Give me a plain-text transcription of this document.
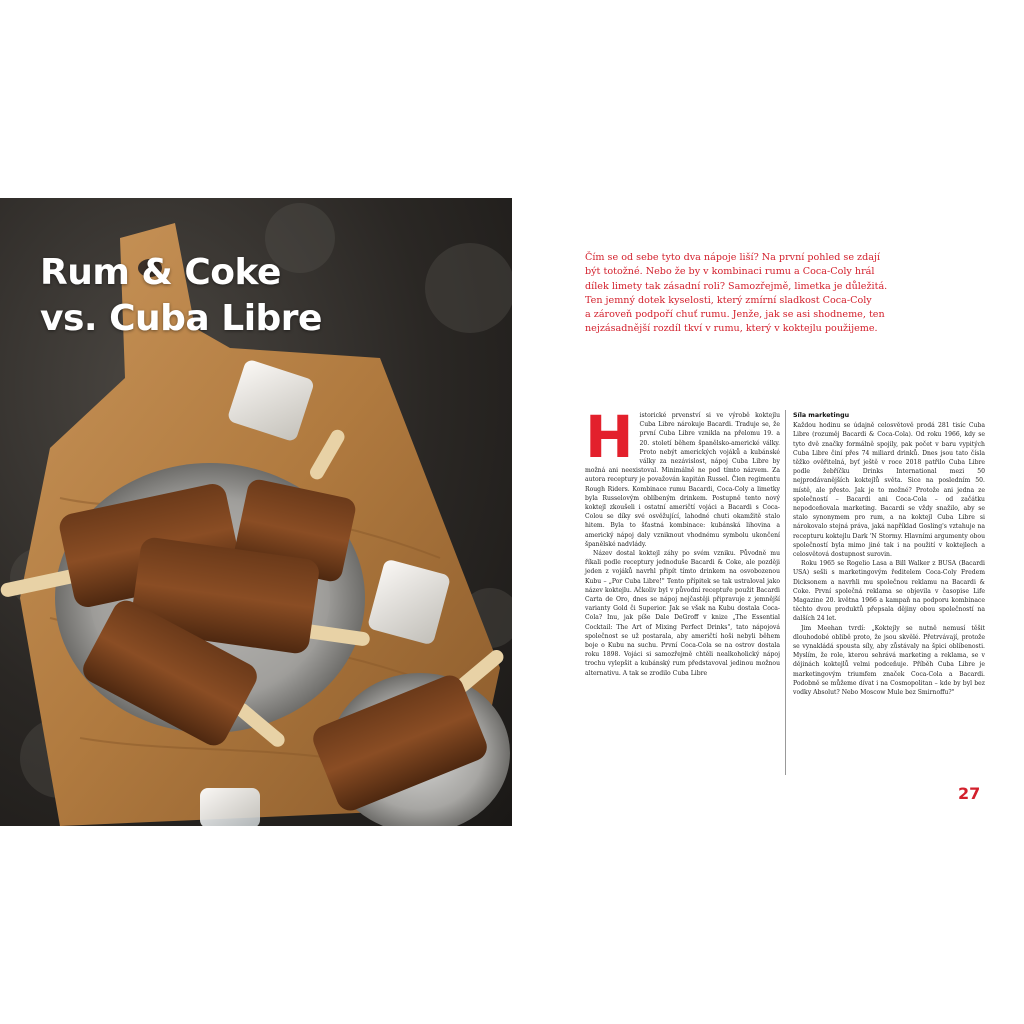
Rum & Coke
vs. Cuba Libre

Čím se od sebe tyto dva nápoje liší? Na první pohled se zdají
být totožné. Nebo že by v kombinaci rumu a Coca-Coly hrál
dílek limety tak zásadní roli? Samozřejmě, limetka je důležitá.
Ten jemný dotek kyselosti, který zmírní sladkost Coca-Coly
a zároveň podpoří chuť rumu. Jenže, jak se asi shodneme, ten
nejzásadnější rozdíl tkví v rumu, který v koktejlu použijeme.

H istorické prvenství si ve výrobě koktejlu Cuba Libre nárokuje Bacardi. Traduje se, že první Cuba Libre vznikla na přelomu 19. a 20. století během španělsko-americké války. Proto nebýt amerických vojáků a kubánské války za nezávislost, nápoj Cuba Libre by možná ani neexistoval. Minimálně ne pod tímto názvem. Za autora receptury je považován kapitán Russel. Člen regimentu Rough Riders. Kombinace rumu Bacardi, Coca-Coly a limetky byla Russelovým oblíbeným drinkem. Postupně tento nový koktejl zkoušeli i ostatní američtí vojáci a Bacardi s Coca-Colou se díky své osvěžující, lahodné chuti okamžitě stalo hitem. Byla to šťastná kombinace: kubánská lihovina a americký nápoj daly vzniknout vhodnému symbolu ukončení španělské nadvlády.

Název dostal koktejl záhy po svém vzniku. Původně mu říkali podle receptury jednoduše Bacardi & Coke, ale později jeden z vojáků navrhl připít tímto drinkem na osvobozenou Kubu – „Por Cuba Libre!" Tento přípitek se tak ustraloval jako název koktejlu. Ačkoliv byl v původní receptuře použit Bacardi Carta de Oro, dnes se nápoj nejčastěji připravuje z jemnější varianty Gold či Superior. Jak se však na Kubu dostala Coca-Cola? Inu, jak píše Dale DeGroff v knize „The Essential Cocktail: The Art of Mixing Perfect Drinks", tato nápojová společnost se už postarala, aby američtí hoši nebyli během boje o Kubu na suchu. První Coca-Cola se na ostrov dostala roku 1898. Vojáci si samozřejmě chtěli nealkoholický nápoj trochu vylepšit a kubánský rum představoval jedinou možnou alternativu. A tak se zrodilo Cuba Libre

Síla marketingu

Každou hodinu se údajně celosvětově prodá 281 tisíc Cuba Libre (rozuměj Bacardi & Coca-Cola). Od roku 1966, kdy se tyto dvě značky formálně spojily, pak počet v baru vypitých Cuba Libre činí přes 74 miliard drinků. Dnes jsou tato čísla těžko ověřitelná, byť ještě v roce 2018 patřilo Cuba Libre podle žebříčku Drinks International mezi 50 nejprodávanějších koktejlů světa. Sice na posledním 50. místě, ale přesto. Jak je to možné? Protože ani jedna ze společností – Bacardi ani Coca-Cola – od začátku nepodceňovala marketing. Bacardi se vždy snažilo, aby se stalo synonymem pro rum, a na koktejl Cuba Libre si nárokovalo stejná práva, jaká například Gosling's vztahuje na recepturu koktejlu Dark 'N Stormy. Hlavními argumenty obou společností byla mimo jiné tak i na použití v koktejlech a celosvětová dostupnost surovin.

Roku 1965 se Rogelio Lasa a Bill Walker z BUSA (Bacardi USA) sešli s marketingovým ředitelem Coca-Coly Fredem Dicksonem a navrhli mu společnou reklamu na Bacardi & Coke. První společná reklama se objevila v časopise Life Magazine 20. května 1966 a kampaň na podporu kombinace těchto dvou produktů přepsala dějiny obou společností na dalších 24 let.

Jim Meehan tvrdí: „Koktejly se nutně nemusí těšit dlouhodobé oblibě proto, že jsou skvělé. Přetrvávají, protože se vynakládá spousta síly, aby zůstávaly na špici oblíbenosti. Myslím, že role, kterou sehrává marketing a reklama, se v dějinách koktejlů velmi podceňuje. Příběh Cuba Libre je marketingovým triumfem značek Coca-Cola a Bacardi. Podobně se můžeme dívat i na Cosmopolitan – kde by byl bez vodky Absolut? Nebo Moscow Mule bez Smirnoffu?"

27
